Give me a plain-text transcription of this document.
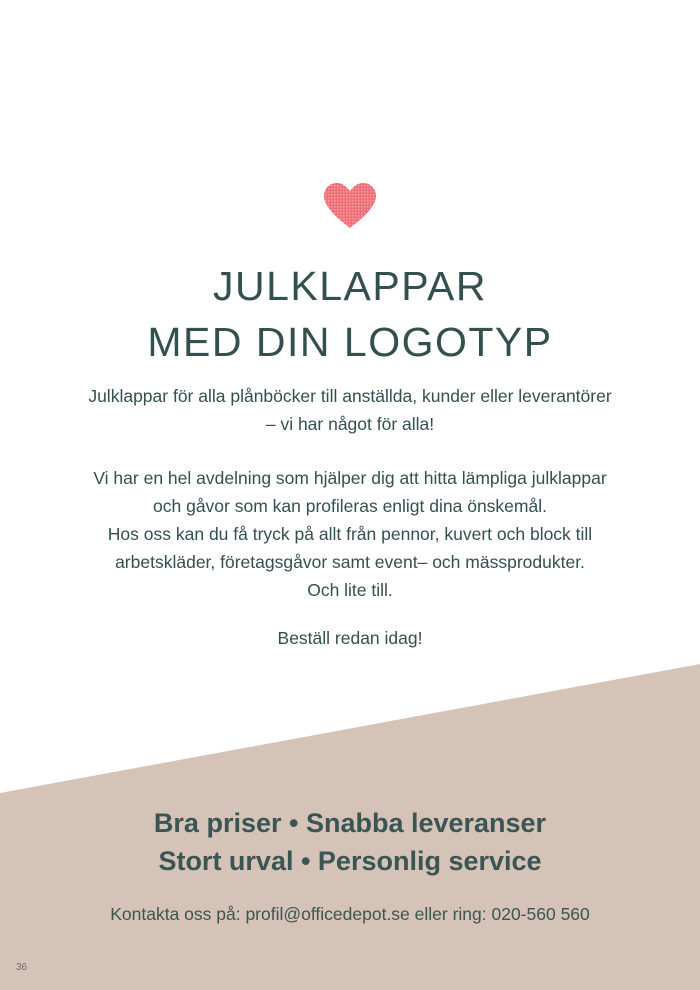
JULKLAPPAR
MED DIN LOGOTYP

Julklappar för alla plånböcker till anställda, kunder eller leverantörer
– vi har något för alla!

Vi har en hel avdelning som hjälper dig att hitta lämpliga julklappar
och gåvor som kan profileras enligt dina önskemål.
Hos oss kan du få tryck på allt från pennor, kuvert och block till
arbetskläder, företagsgåvor samt event– och mässprodukter.
Och lite till.

Beställ redan idag!

Bra priser • Snabba leveranser
Stort urval • Personlig service

Kontakta oss på: profil@officedepot.se eller ring: 020-560 560

36
